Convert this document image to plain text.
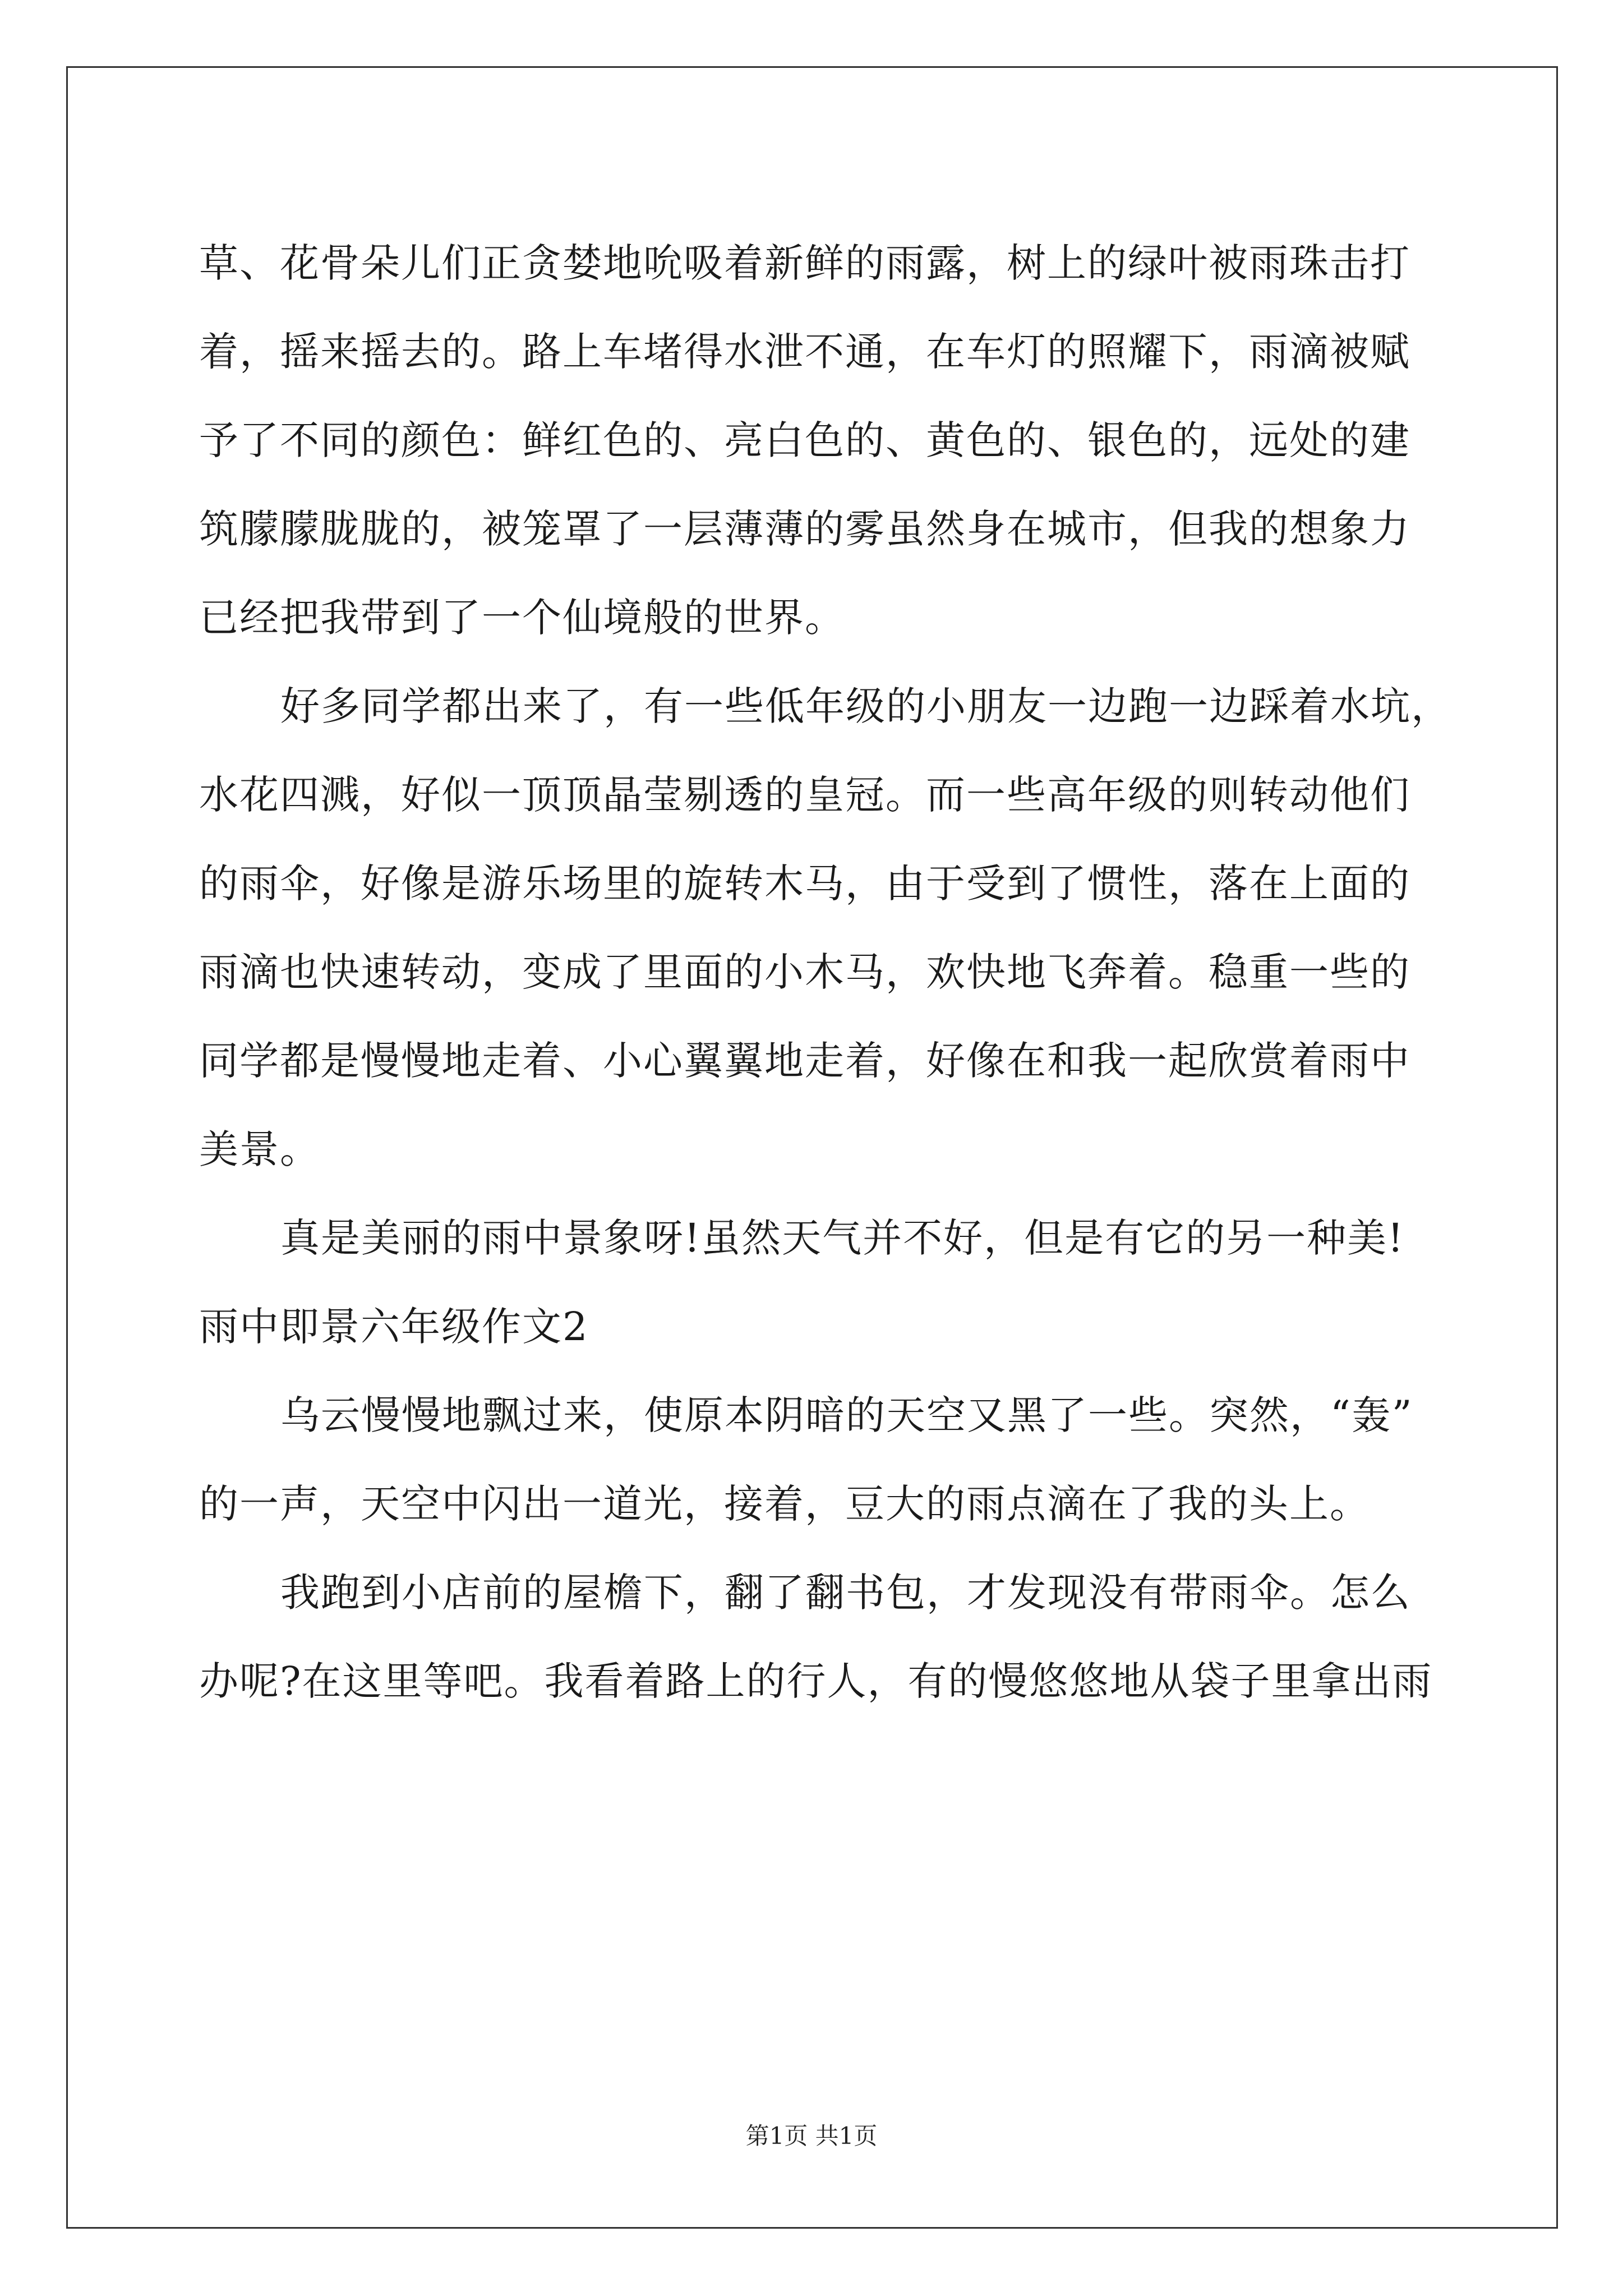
草、花骨朵儿们正贪婪地吮吸着新鲜的雨露，树上的绿叶被雨珠击打
着，摇来摇去的。路上车堵得水泄不通，在车灯的照耀下，雨滴被赋
予了不同的颜色：鲜红色的、亮白色的、黄色的、银色的，远处的建
筑朦朦胧胧的，被笼罩了一层薄薄的雾虽然身在城市，但我的想象力
已经把我带到了一个仙境般的世界。
好多同学都出来了，有一些低年级的小朋友一边跑一边踩着水坑，
水花四溅，好似一顶顶晶莹剔透的皇冠。而一些高年级的则转动他们
的雨伞，好像是游乐场里的旋转木马，由于受到了惯性，落在上面的
雨滴也快速转动，变成了里面的小木马，欢快地飞奔着。稳重一些的
同学都是慢慢地走着、小心翼翼地走着，好像在和我一起欣赏着雨中
美景。
真是美丽的雨中景象呀!虽然天气并不好，但是有它的另一种美!
雨中即景六年级作文2
乌云慢慢地飘过来，使原本阴暗的天空又黑了一些。突然，“轰”
的一声，天空中闪出一道光，接着，豆大的雨点滴在了我的头上。
我跑到小店前的屋檐下，翻了翻书包，才发现没有带雨伞。怎么
办呢?在这里等吧。我看着路上的行人，有的慢悠悠地从袋子里拿出雨
第1页 共1页
